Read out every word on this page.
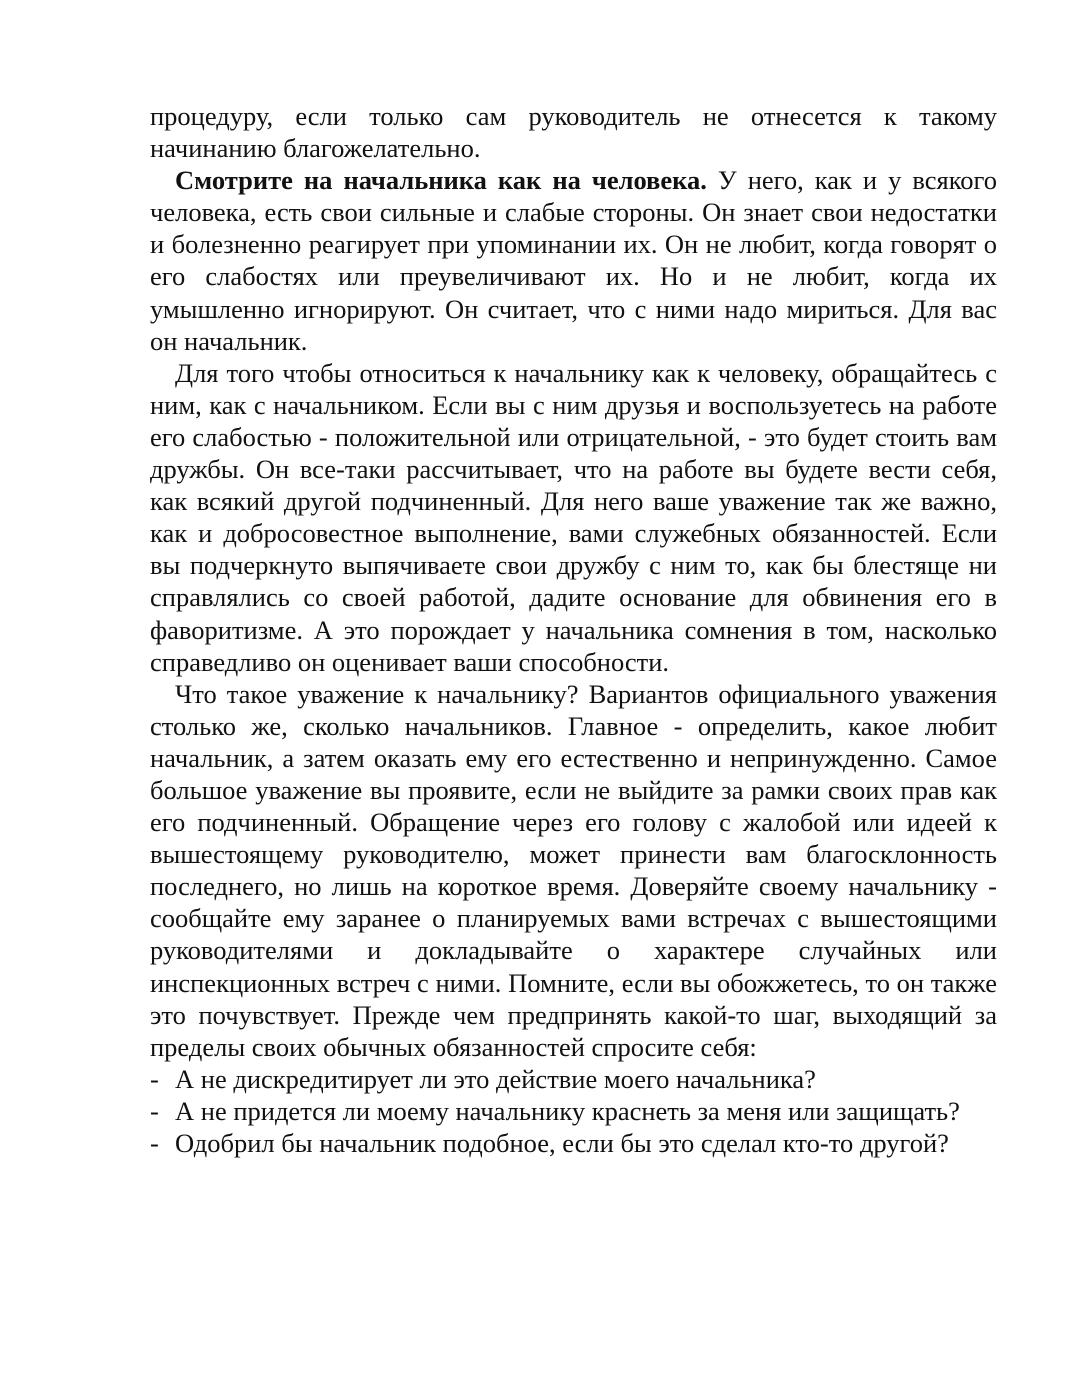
процедуру, если только сам руководитель не отнесется к такому начинанию благожелательно.

Смотрите на начальника как на человека. У него, как и у всякого человека, есть свои сильные и слабые стороны. Он знает свои недостатки и болезненно реагирует при упоминании их. Он не любит, когда говорят о его слабостях или преувеличивают их. Но и не любит, когда их умышленно игнорируют. Он считает, что с ними надо мириться. Для вас он начальник.

Для того чтобы относиться к начальнику как к человеку, обращайтесь с ним, как с начальником. Если вы с ним друзья и воспользуетесь на работе его слабостью - положительной или отрицательной, - это будет стоить вам дружбы. Он все-таки рассчитывает, что на работе вы будете вести себя, как всякий другой подчиненный. Для него ваше уважение так же важно, как и добросовестное выполнение, вами служебных обязанностей. Если вы подчеркнуто выпячиваете свои дружбу с ним то, как бы блестяще ни справлялись со своей работой, дадите основание для обвинения его в фаворитизме. А это порождает у начальника сомнения в том, насколько справедливо он оценивает ваши способности.

Что такое уважение к начальнику? Вариантов официального уважения столько же, сколько начальников. Главное - определить, какое любит начальник, а затем оказать ему его естественно и непринужденно. Самое большое уважение вы проявите, если не выйдите за рамки своих прав как его подчиненный. Обращение через его голову с жалобой или идеей к вышестоящему руководителю, может принести вам благосклонность последнего, но лишь на короткое время. Доверяйте своему начальнику - сообщайте ему заранее о планируемых вами встречах с вышестоящими руководителями и докладывайте о характере случайных или инспекционных встреч с ними. Помните, если вы обожжетесь, то он также это почувствует. Прежде чем предпринять какой-то шаг, выходящий за пределы своих обычных обязанностей спросите себя:

- А не дискредитирует ли это действие моего начальника?
- А не придется ли моему начальнику краснеть за меня или защищать?
- Одобрил бы начальник подобное, если бы это сделал кто-то другой?
